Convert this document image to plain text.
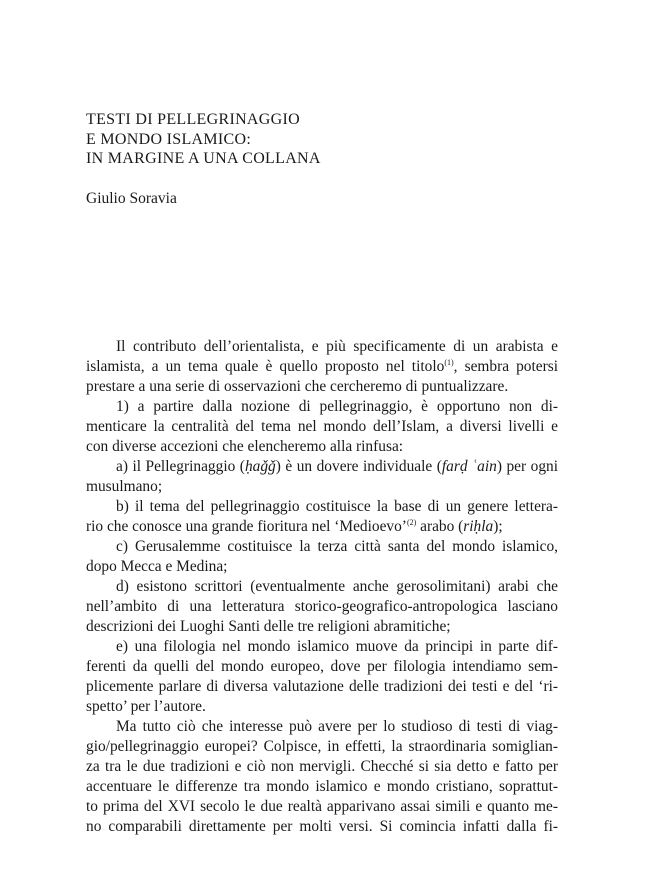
TESTI DI PELLEGRINAGGIO
E MONDO ISLAMICO:
IN MARGINE A UNA COLLANA
Giulio Soravia
Il contributo dell’orientalista, e più specificamente di un arabista e
islamista, a un tema quale è quello proposto nel titolo$^{(1)}$, sembra potersi
prestare a una serie di osservazioni che cercheremo di puntualizzare.
1) a partire dalla nozione di pellegrinaggio, è opportuno non di-
menticare la centralità del tema nel mondo dell’Islam, a diversi livelli e
con diverse accezioni che elencheremo alla rinfusa:
a) il Pellegrinaggio (ḥaǧǧ) è un dovere individuale (farḍ ʿain) per ogni
musulmano;
b) il tema del pellegrinaggio costituisce la base di un genere lettera-
rio che conosce una grande fioritura nel ‘Medioevo’$^{(2)}$ arabo (riḥla);
c) Gerusalemme costituisce la terza città santa del mondo islamico,
dopo Mecca e Medina;
d) esistono scrittori (eventualmente anche gerosolimitani) arabi che
nell’ambito di una letteratura storico-geografico-antropologica lasciano
descrizioni dei Luoghi Santi delle tre religioni abramitiche;
e) una filologia nel mondo islamico muove da principi in parte dif-
ferenti da quelli del mondo europeo, dove per filologia intendiamo sem-
plicemente parlare di diversa valutazione delle tradizioni dei testi e del ‘ri-
spetto’ per l’autore.
Ma tutto ciò che interesse può avere per lo studioso di testi di viag-
gio/pellegrinaggio europei? Colpisce, in effetti, la straordinaria somiglian-
za tra le due tradizioni e ciò non mervigli. Checché si sia detto e fatto per
accentuare le differenze tra mondo islamico e mondo cristiano, soprattut-
to prima del XVI secolo le due realtà apparivano assai simili e quanto me-
no comparabili direttamente per molti versi. Si comincia infatti dalla fi-
